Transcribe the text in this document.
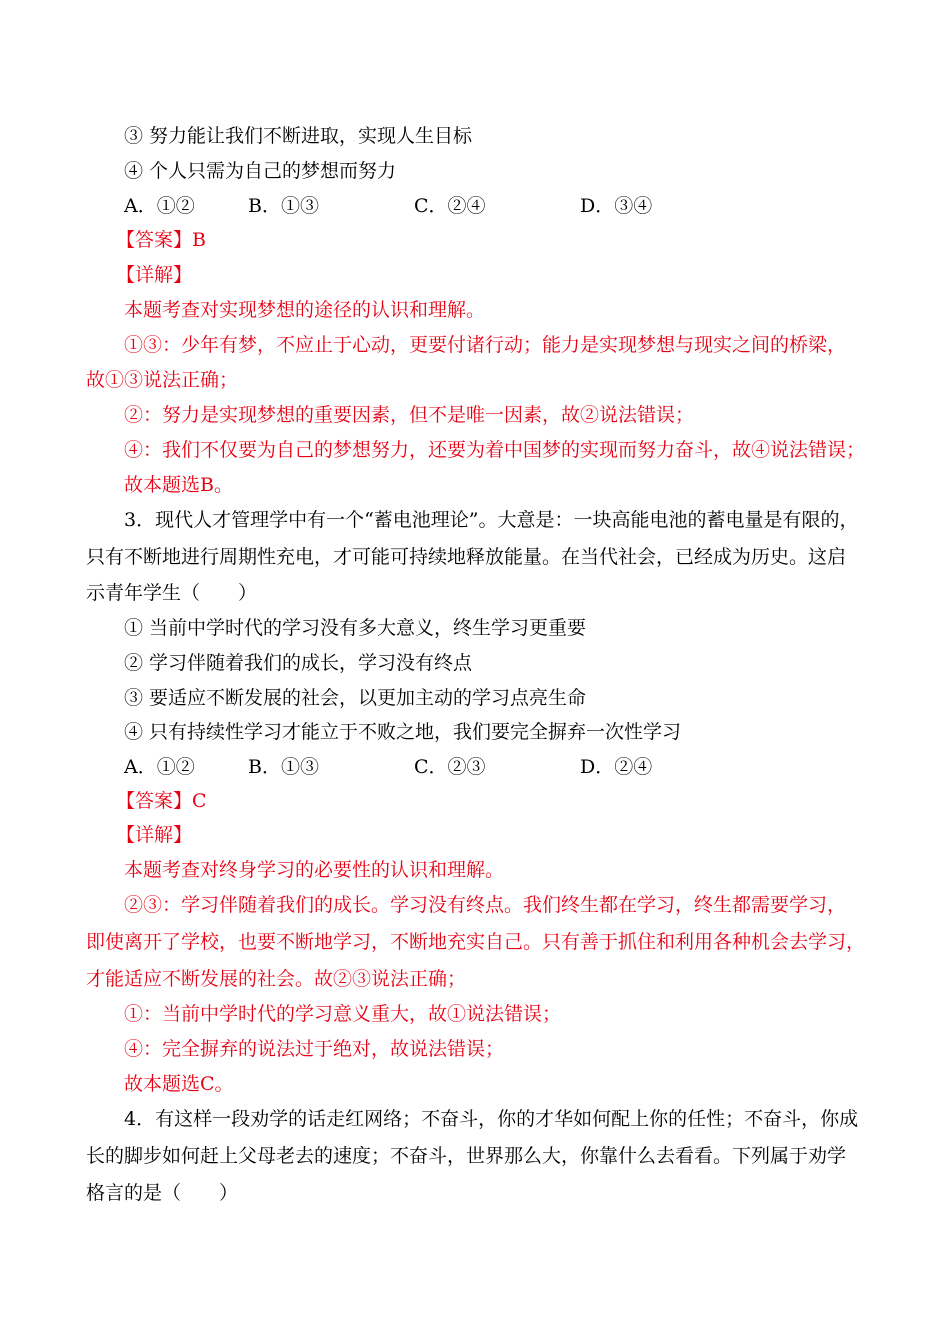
③ 努力能让我们不断进取，实现人生目标
④ 个人只需为自己的梦想而努力
A．①②	B．①③	C．②④	D．③④
【答案】B
【详解】
本题考查对实现梦想的途径的认识和理解。
①③：少年有梦，不应止于心动，更要付诸行动；能力是实现梦想与现实之间的桥梁，
故①③说法正确；
②：努力是实现梦想的重要因素，但不是唯一因素，故②说法错误；
④：我们不仅要为自己的梦想努力，还要为着中国梦的实现而努力奋斗，故④说法错误；
故本题选B。
3．现代人才管理学中有一个“蓄电池理论”。大意是：一块高能电池的蓄电量是有限的，
只有不断地进行周期性充电，才可能可持续地释放能量。在当代社会，已经成为历史。这启
示青年学生（　　）
① 当前中学时代的学习没有多大意义，终生学习更重要
② 学习伴随着我们的成长，学习没有终点
③ 要适应不断发展的社会，以更加主动的学习点亮生命
④ 只有持续性学习才能立于不败之地，我们要完全摒弃一次性学习
A．①②	B．①③	C．②③	D．②④
【答案】C
【详解】
本题考查对终身学习的必要性的认识和理解。
②③：学习伴随着我们的成长。学习没有终点。我们终生都在学习，终生都需要学习，
即使离开了学校，也要不断地学习，不断地充实自己。只有善于抓住和利用各种机会去学习，
才能适应不断发展的社会。故②③说法正确；
①：当前中学时代的学习意义重大，故①说法错误；
④：完全摒弃的说法过于绝对，故说法错误；
故本题选C。
4．有这样一段劝学的话走红网络；不奋斗，你的才华如何配上你的任性；不奋斗，你成
长的脚步如何赶上父母老去的速度；不奋斗，世界那么大，你靠什么去看看。下列属于劝学
格言的是（　　）
